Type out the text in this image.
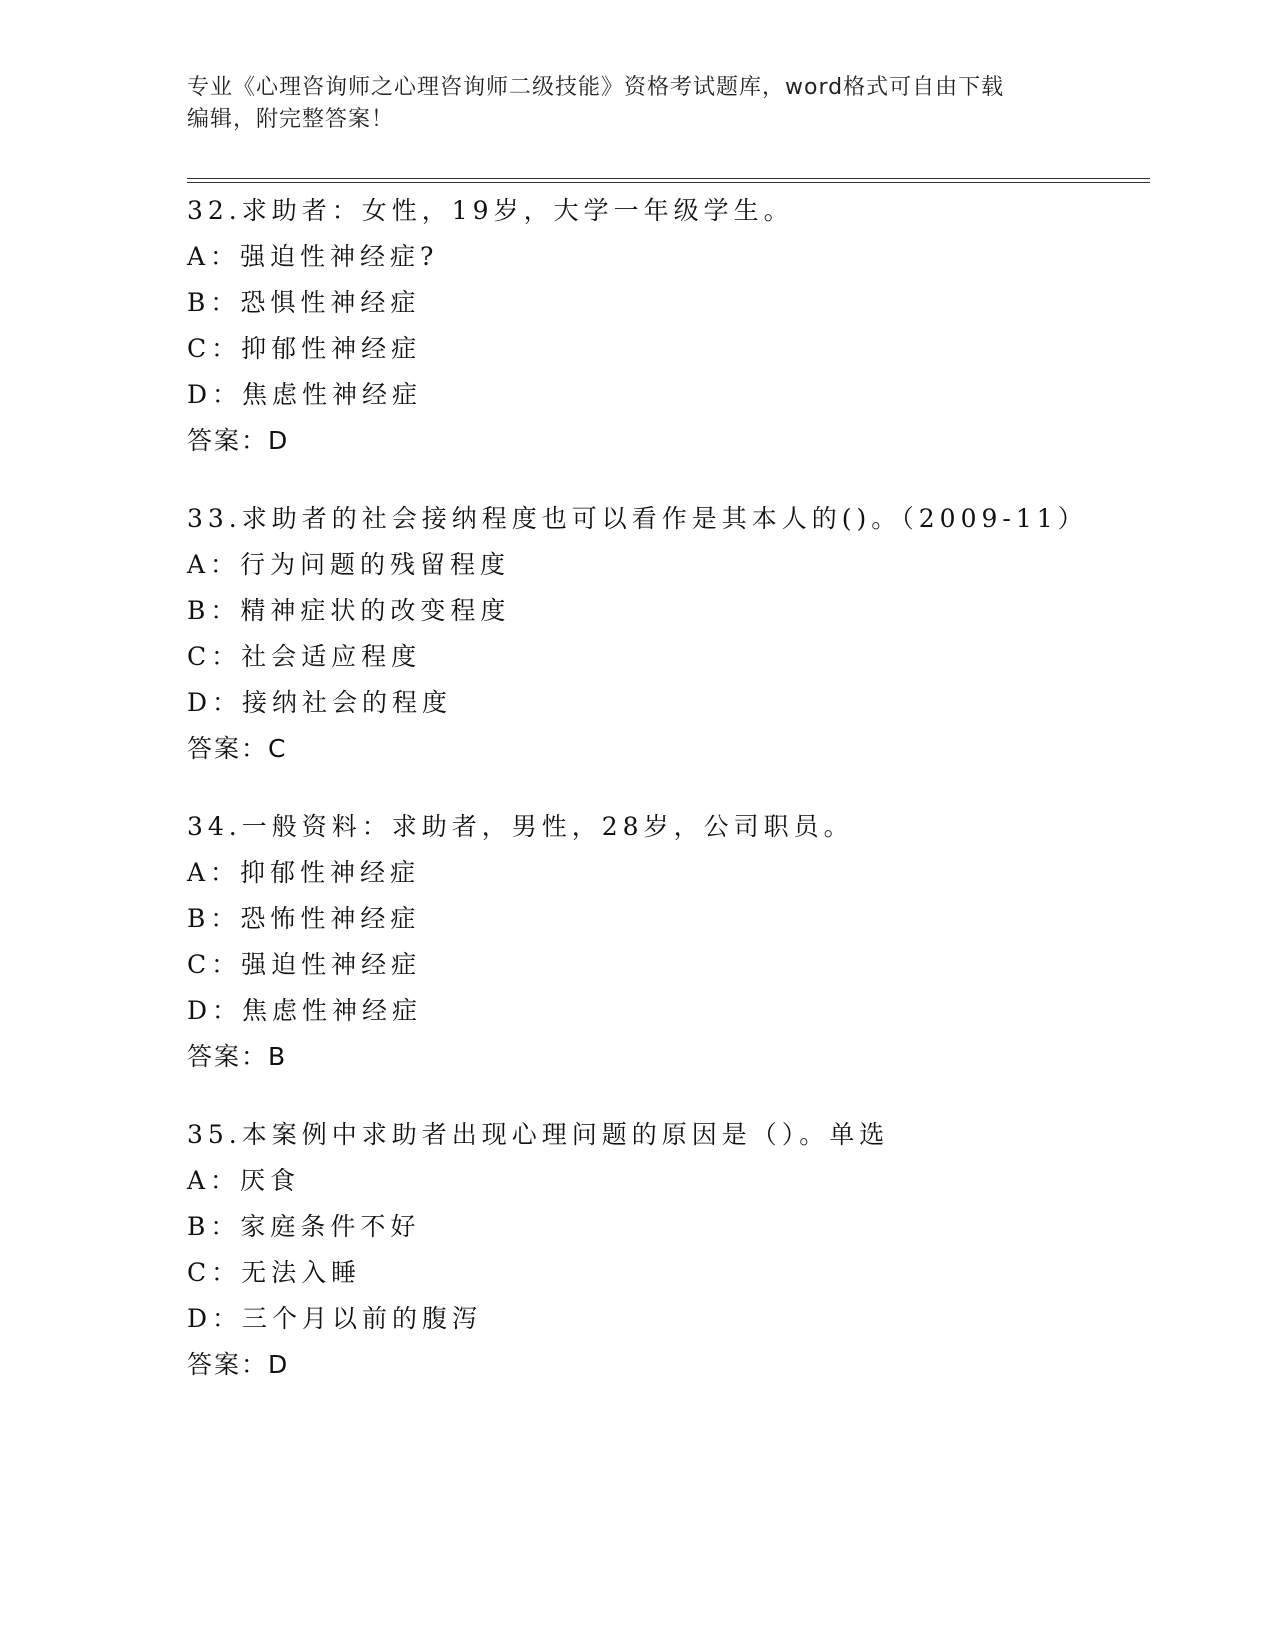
专业《心理咨询师之心理咨询师二级技能》资格考试题库，word格式可自由下载
编辑，附完整答案！
32.求助者：女性，19岁，大学一年级学生。
A：强迫性神经症?
B：恐惧性神经症
C：抑郁性神经症
D：焦虑性神经症
答案：D
33.求助者的社会接纳程度也可以看作是其本人的()。（2009-11）
A：行为问题的残留程度
B：精神症状的改变程度
C：社会适应程度
D：接纳社会的程度
答案：C
34.一般资料：求助者，男性，28岁，公司职员。
A：抑郁性神经症
B：恐怖性神经症
C：强迫性神经症
D：焦虑性神经症
答案：B
35.本案例中求助者出现心理问题的原因是（）。单选
A：厌食
B：家庭条件不好
C：无法入睡
D：三个月以前的腹泻
答案：D
